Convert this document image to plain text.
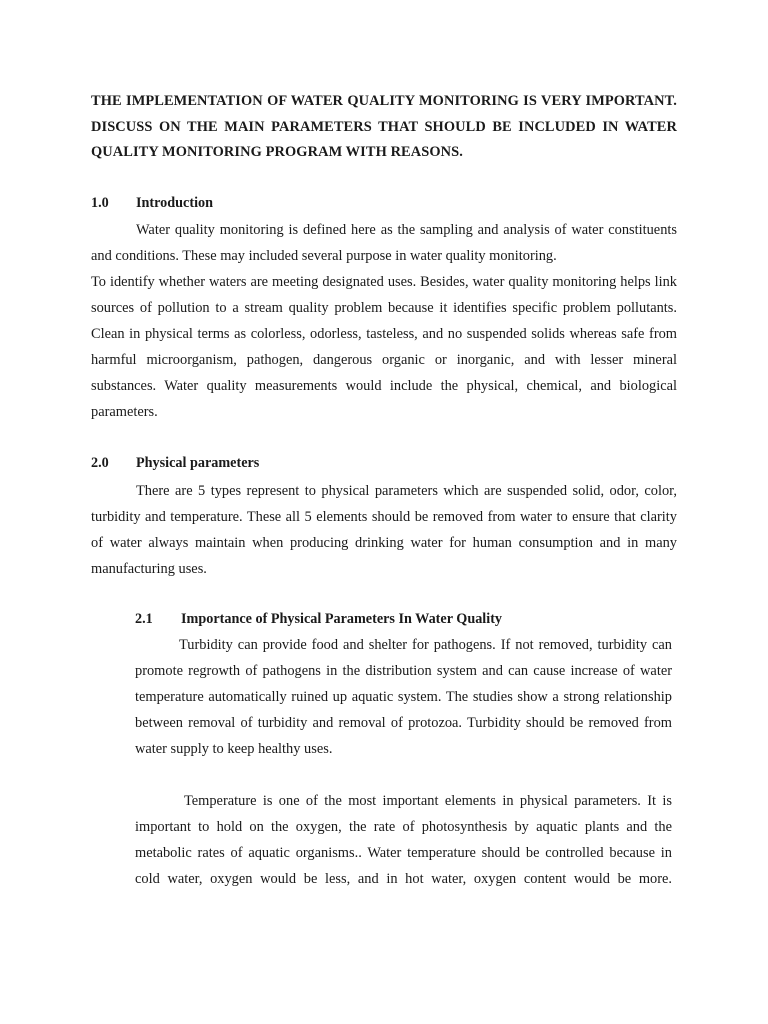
THE IMPLEMENTATION OF WATER QUALITY MONITORING IS VERY IMPORTANT. DISCUSS ON THE MAIN PARAMETERS THAT SHOULD BE INCLUDED IN WATER QUALITY MONITORING PROGRAM WITH REASONS.

1.0 Introduction

Water quality monitoring is defined here as the sampling and analysis of water constituents and conditions. These may included several purpose in water quality monitoring.

To identify whether waters are meeting designated uses. Besides, water quality monitoring helps link sources of pollution to a stream quality problem because it identifies specific problem pollutants. Clean in physical terms as colorless, odorless, tasteless, and no suspended solids whereas safe from harmful microorganism, pathogen, dangerous organic or inorganic, and with lesser mineral substances. Water quality measurements would include the physical, chemical, and biological parameters.

2.0 Physical parameters

There are 5 types represent to physical parameters which are suspended solid, odor, color, turbidity and temperature. These all 5 elements should be removed from water to ensure that clarity of water always maintain when producing drinking water for human consumption and in many manufacturing uses.

2.1 Importance of Physical Parameters In Water Quality

Turbidity can provide food and shelter for pathogens. If not removed, turbidity can promote regrowth of pathogens in the distribution system and can cause increase of water temperature automatically ruined up aquatic system. The studies show a strong relationship between removal of turbidity and removal of protozoa. Turbidity should be removed from water supply to keep healthy uses.

Temperature is one of the most important elements in physical parameters. It is important to hold on the oxygen, the rate of photosynthesis by aquatic plants and the metabolic rates of aquatic organisms.. Water temperature should be controlled because in cold water, oxygen would be less, and in hot water, oxygen content would be more.
